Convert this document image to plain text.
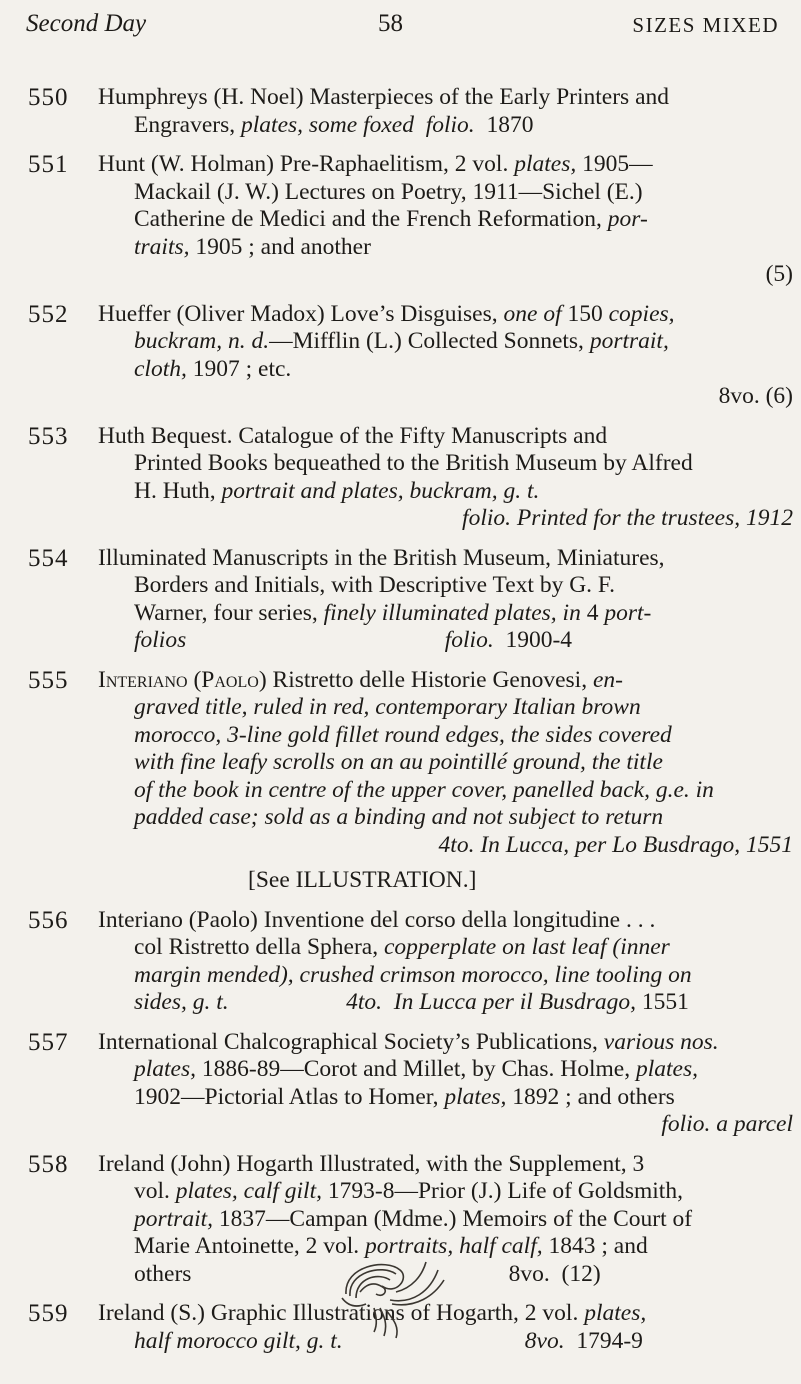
Second Day	58	SIZES MIXED
550 Humphreys (H. Noel) Masterpieces of the Early Printers and
Engravers, plates, some foxed folio.  1870
551 Hunt (W. Holman) Pre-Raphaelitism, 2 vol. plates, 1905—
Mackail (J. W.) Lectures on Poetry, 1911—Sichel (E.)
Catherine de Medici and the French Reformation, por-
traits, 1905 ; and another
(5)
552 Hueffer (Oliver Madox) Love’s Disguises, one of 150 copies,
buckram, n. d.—Mifflin (L.) Collected Sonnets, portrait,
cloth, 1907 ; etc.
8vo. (6)
553 Huth Bequest. Catalogue of the Fifty Manuscripts and
Printed Books bequeathed to the British Museum by Alfred
H. Huth, portrait and plates, buckram, g. t.
folio. Printed for the trustees, 1912
554 Illuminated Manuscripts in the British Museum, Miniatures,
Borders and Initials, with Descriptive Text by G. F.
Warner, four series, finely illuminated plates, in 4 port-
folios	folio.  1900-4
555 Interiano (Paolo) Ristretto delle Historie Genovesi, en-
graved title, ruled in red, contemporary Italian brown
morocco, 3-line gold fillet round edges, the sides covered
with fine leafy scrolls on an au pointillé ground, the title
of the book in centre of the upper cover, panelled back, g.e. in
padded case; sold as a binding and not subject to return
4to. In Lucca, per Lo Busdrago, 1551
[See ILLUSTRATION.]
556 Interiano (Paolo) Inventione del corso della longitudine . . .
col Ristretto della Sphera, copperplate on last leaf (inner
margin mended), crushed crimson morocco, line tooling on
sides, g. t.	4to.  In Lucca per il Busdrago, 1551
557 International Chalcographical Society’s Publications, various nos.
plates, 1886-89—Corot and Millet, by Chas. Holme, plates,
1902—Pictorial Atlas to Homer, plates, 1892 ; and others
folio. a parcel
558 Ireland (John) Hogarth Illustrated, with the Supplement, 3
vol. plates, calf gilt, 1793-8—Prior (J.) Life of Goldsmith,
portrait, 1837—Campan (Mdme.) Memoirs of the Court of
Marie Antoinette, 2 vol. portraits, half calf, 1843 ; and
others                                                      8vo.  (12)
559 Ireland (S.) Graphic Illustrations of Hogarth, 2 vol. plates,
half morocco gilt, g. t.	8vo.  1794-9
